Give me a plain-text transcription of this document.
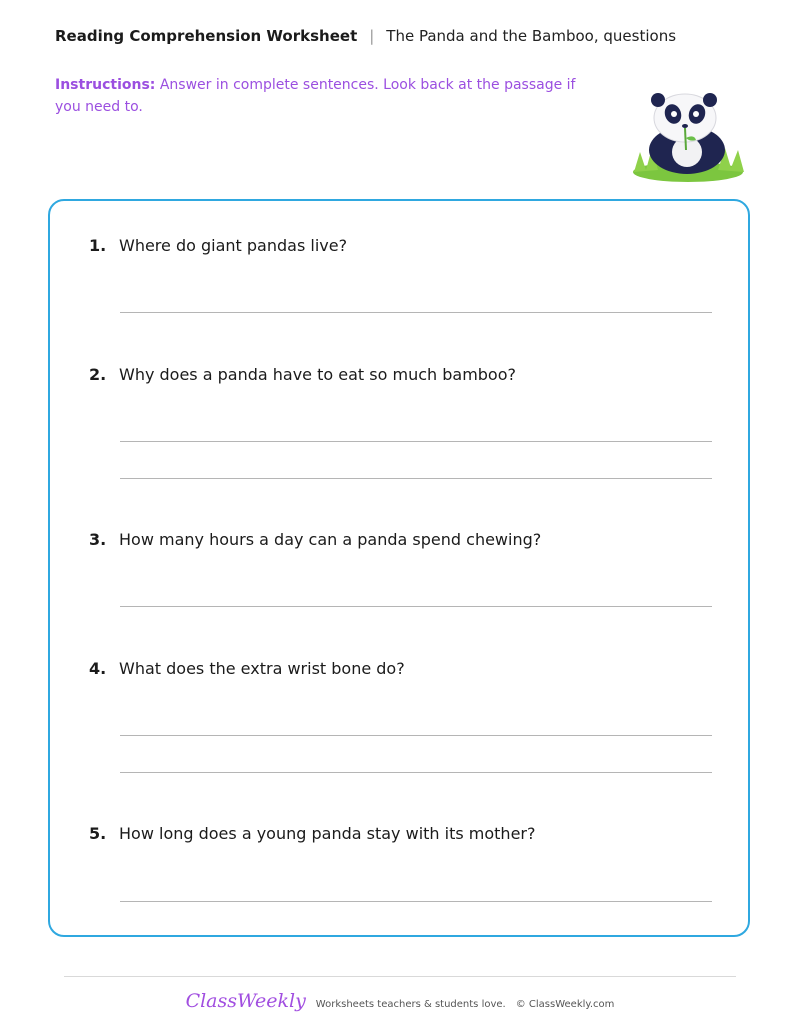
Reading Comprehension Worksheet | The Panda and the Bamboo, questions
Instructions: Answer in complete sentences. Look back at the passage if you need to.
1. Where do giant pandas live?
2. Why does a panda have to eat so much bamboo?
3. How many hours a day can a panda spend chewing?
4. What does the extra wrist bone do?
5. How long does a young panda stay with its mother?
ClassWeekly Worksheets teachers & students love. © ClassWeekly.com
